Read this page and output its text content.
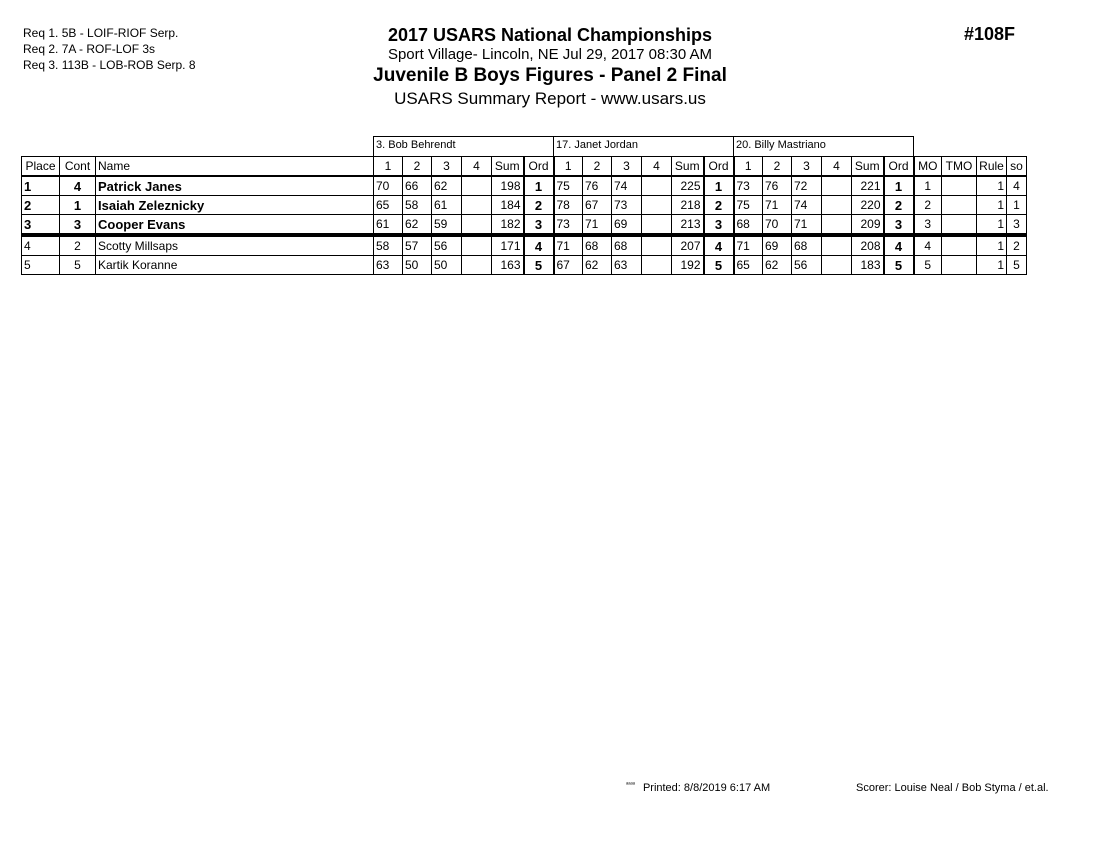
Req 1. 5B - LOIF-RIOF Serp.
Req 2. 7A - ROF-LOF 3s
Req 3. 113B - LOB-ROB Serp. 8
2017 USARS National Championships
Sport Village- Lincoln, NE Jul 29, 2017 08:30 AM
Juvenile B Boys Figures - Panel 2 Final
USARS Summary Report - www.usars.us
#108F
			3. Bob Behrendt						17. Janet Jordan						20. Billy Mastriano									
Place	Cont	Name	1	2	3	4	Sum	Ord	1	2	3	4	Sum	Ord	1	2	3	4	Sum	Ord	MO	TMO	Rule	so
1	4	Patrick Janes	70	66	62		198	1	75	76	74		225	1	73	76	72		221	1	1		1	4
2	1	Isaiah Zeleznicky	65	58	61		184	2	78	67	73		218	2	75	71	74		220	2	2		1	1
3	3	Cooper Evans	61	62	59		182	3	73	71	69		213	3	68	70	71		209	3	3		1	3
4	2	Scotty Millsaps	58	57	56		171	4	71	68	68		207	4	71	69	68		208	4	4		1	2
5	5	Kartik Koranne	63	50	50		163	5	67	62	63		192	5	65	62	56		183	5	5		1	5
$^{ᵃᵃᵃᵃ}$ Printed: 8/8/2019 6:17 AM	Scorer: Louise Neal / Bob Styma / et.al.
